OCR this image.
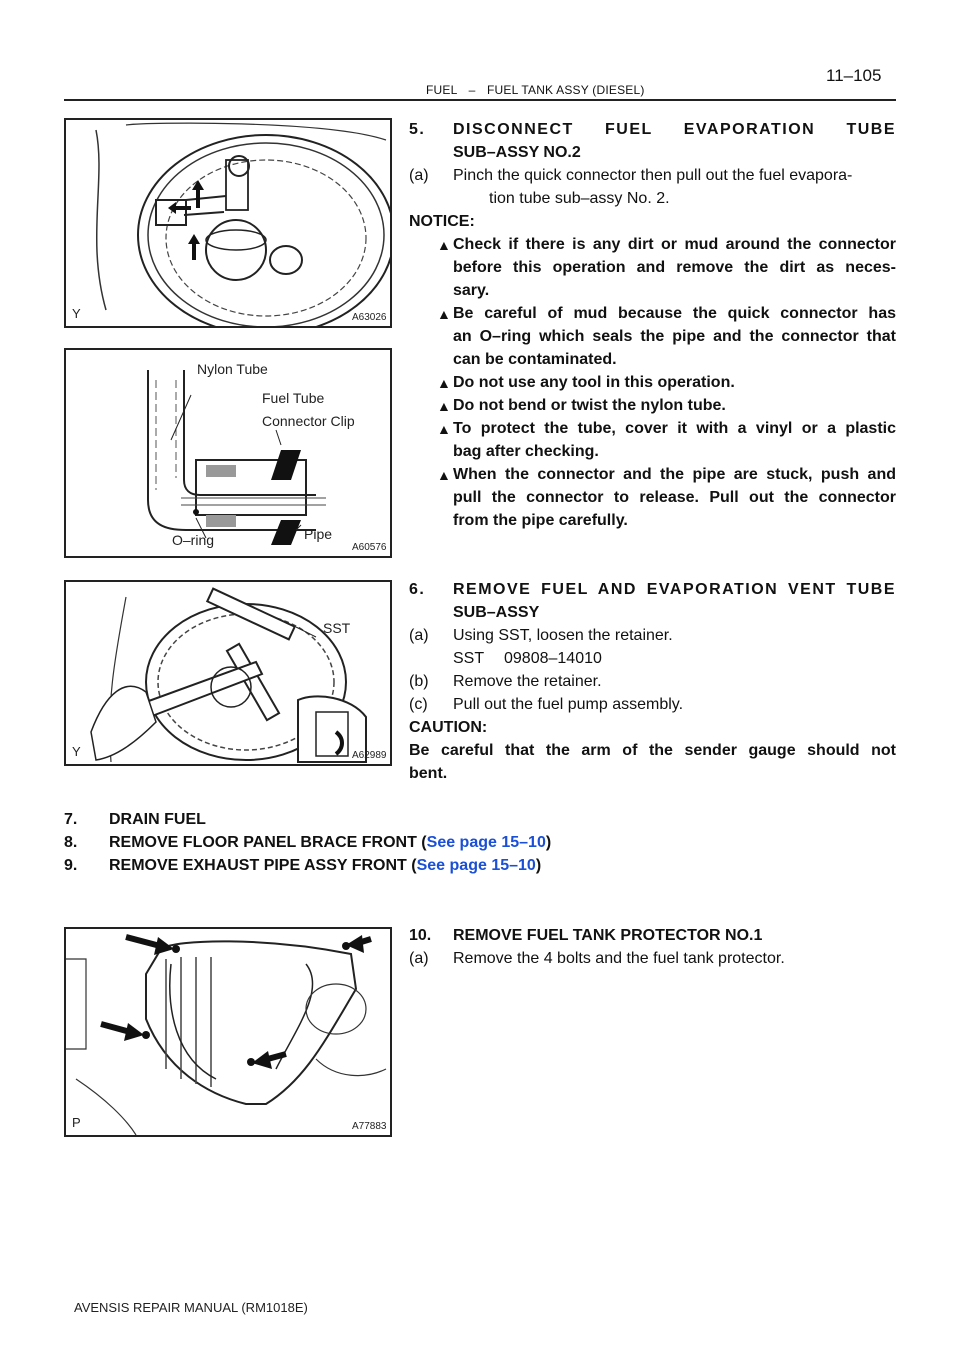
11–105
FUEL – FUEL TANK ASSY (DIESEL)
Y	A63026
Nylon Tube
Fuel Tube
Connector Clip
O–ring	Pipe
A60576
SST
Y	A62989
P	A77883
5. DISCONNECT FUEL EVAPORATION TUBE
SUB–ASSY NO.2
(a) Pinch the quick connector then pull out the fuel evapora-
tion tube sub–assy No. 2.
NOTICE:
▲ Check if there is any dirt or mud around the connector
before this operation and remove the dirt as neces-
sary.
▲ Be careful of mud because the quick connector has
an O–ring which seals the pipe and the connector that
can be contaminated.
▲ Do not use any tool in this operation.
▲ Do not bend or twist the nylon tube.
▲ To protect the tube, cover it with a vinyl or a plastic
bag after checking.
▲ When the connector and the pipe are stuck, push and
pull the connector to release. Pull out the connector
from the pipe carefully.
6. REMOVE FUEL AND EVAPORATION VENT TUBE
SUB–ASSY
(a) Using SST, loosen the retainer.
SST 09808–14010
(b) Remove the retainer.
(c) Pull out the fuel pump assembly.
CAUTION:
Be careful that the arm of the sender gauge should not
bent.
7. DRAIN FUEL
8. REMOVE FLOOR PANEL BRACE FRONT (See page 15–10)
9. REMOVE EXHAUST PIPE ASSY FRONT (See page 15–10)
10. REMOVE FUEL TANK PROTECTOR NO.1
(a) Remove the 4 bolts and the fuel tank protector.
AVENSIS REPAIR MANUAL (RM1018E)
